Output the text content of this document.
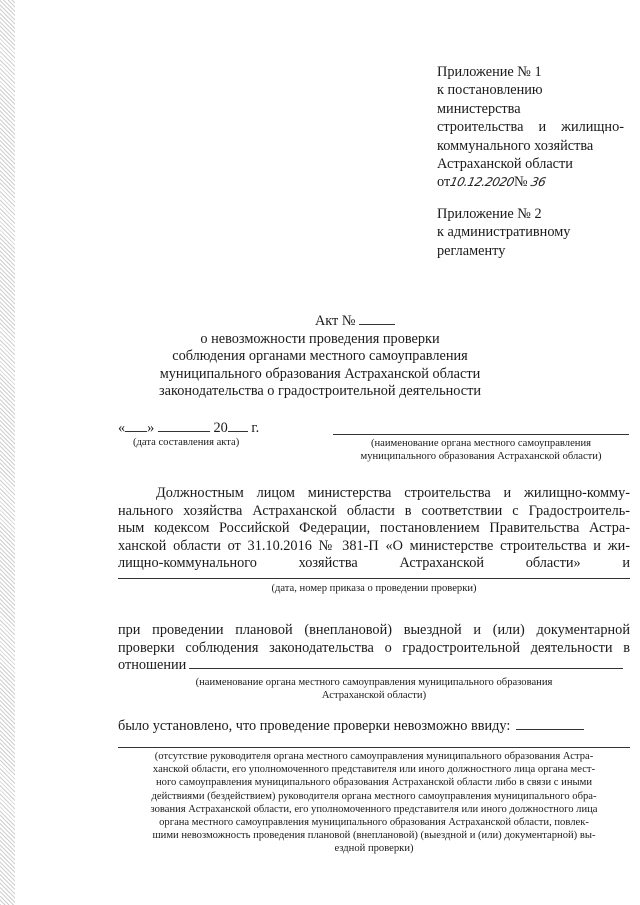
Приложение № 1
к постановлению
министерства
строительства и жилищно-
коммунального хозяйства
Астраханской области
от10.12.2020№ 36
Приложение № 2
к административному
регламенту
Акт №
о невозможности проведения проверки
соблюдения органами местного самоуправления
муниципального образования Астраханской области
законодательства о градостроительной деятельности
« »	20 г.
(дата составления акта)	(наименование органа местного самоуправления
муниципального образования Астраханской области)
Должностным лицом министерства строительства и жилищно-комму-
нального хозяйства Астраханской области в соответствии с Градостроитель-
ным кодексом Российской Федерации, постановлением Правительства Астра-
ханской области от 31.10.2016 № 381-П «О министерстве строительства и жи-
лищно-коммунального	хозяйства	Астраханской	области»	и
(дата, номер приказа о проведении проверки)
при проведении плановой (внеплановой) выездной и (или) документарной
проверки соблюдения законодательства о градостроительной деятельности в
отношении
(наименование органа местного самоуправления муниципального образования
Астраханской области)
было установлено, что проведение проверки невозможно ввиду:
(отсутствие руководителя органа местного самоуправления муниципального образования Астра-
ханской области, его уполномоченного представителя или иного должностного лица органа мест-
ного самоуправления муниципального образования Астраханской области либо в связи с иными
действиями (бездействием) руководителя органа местного самоуправления муниципального обра-
зования Астраханской области, его уполномоченного представителя или иного должностного лица
органа местного самоуправления муниципального образования Астраханской области, повлек-
шими невозможность проведения плановой (внеплановой) (выездной и (или) документарной) вы-
ездной проверки)
